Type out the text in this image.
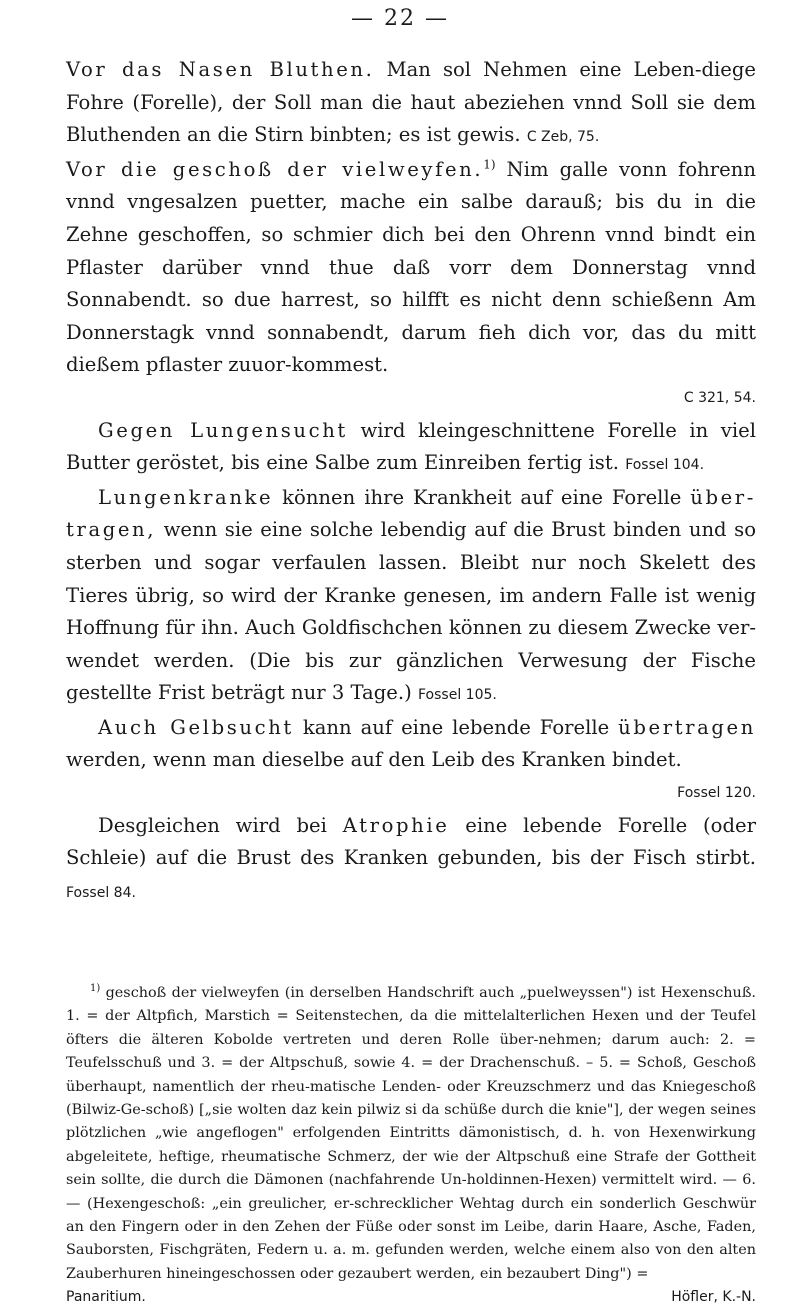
— 22 —

Vor das Nasen Bluthen. Man sol Nehmen eine Leben-diege Fohre (Forelle), der Soll man die haut abeziehen vnnd Soll sie dem Bluthenden an die Stirn binbten; es ist gewis. C Zeb, 75.

Vor die geschoß der vielweyfen.$^{1)}$ Nim galle vonn fohrenn vnnd vngesalzen puetter, mache ein salbe darauß; bis du in die Zehne geschoffen, so schmier dich bei den Ohrenn vnnd bindt ein Pflaster darüber vnnd thue daß vorr dem Donnerstag vnnd Sonnabendt. so due harrest, so hilfft es nicht denn schießenn Am Donnerstagk vnnd sonnabendt, darum fieh dich vor, das du mitt dießem pflaster zuuor-kommest.
C 321, 54.

Gegen Lungensucht wird kleingeschnittene Forelle in viel Butter geröstet, bis eine Salbe zum Einreiben fertig ist. Fossel 104.

Lungenkranke können ihre Krankheit auf eine Forelle über-tragen, wenn sie eine solche lebendig auf die Brust binden und so sterben und sogar verfaulen lassen. Bleibt nur noch Skelett des Tieres übrig, so wird der Kranke genesen, im andern Falle ist wenig Hoffnung für ihn. Auch Goldfischchen können zu diesem Zwecke ver-wendet werden. (Die bis zur gänzlichen Verwesung der Fische gestellte Frist beträgt nur 3 Tage.) Fossel 105.

Auch Gelbsucht kann auf eine lebende Forelle übertragen werden, wenn man dieselbe auf den Leib des Kranken bindet.
Fossel 120.

Desgleichen wird bei Atrophie eine lebende Forelle (oder Schleie) auf die Brust des Kranken gebunden, bis der Fisch stirbt. Fossel 84.

$^{1)}$ geschoß der vielweyfen (in derselben Handschrift auch „puelweyssen") ist Hexenschuß. 1. = der Altpfich, Marstich = Seitenstechen, da die mittelalterlichen Hexen und der Teufel öfters die älteren Kobolde vertreten und deren Rolle über-nehmen; darum auch: 2. = Teufelsschuß und 3. = der Altpschuß, sowie 4. = der Drachenschuß. – 5. = Schoß, Geschoß überhaupt, namentlich der rheu-matische Lenden- oder Kreuzschmerz und das Kniegeschoß (Bilwiz-Ge-schoß) [„sie wolten daz kein pilwiz si da schüße durch die knie"], der wegen seines plötzlichen „wie angeflogen" erfolgenden Eintritts dämonistisch, d. h. von Hexenwirkung abgeleitete, heftige, rheumatische Schmerz, der wie der Altpschuß eine Strafe der Gottheit sein sollte, die durch die Dämonen (nachfahrende Un-holdinnen-Hexen) vermittelt wird. — 6. — (Hexengeschoß: „ein greulicher, er-schrecklicher Wehtag durch ein sonderlich Geschwür an den Fingern oder in den Zehen der Füße oder sonst im Leibe, darin Haare, Asche, Faden, Sauborsten, Fischgräten, Federn u. a. m. gefunden werden, welche einem also von den alten Zauberhuren hineingeschossen oder gezaubert werden, ein bezaubert Ding") =
Panaritium.	Höfler, K.-N.
